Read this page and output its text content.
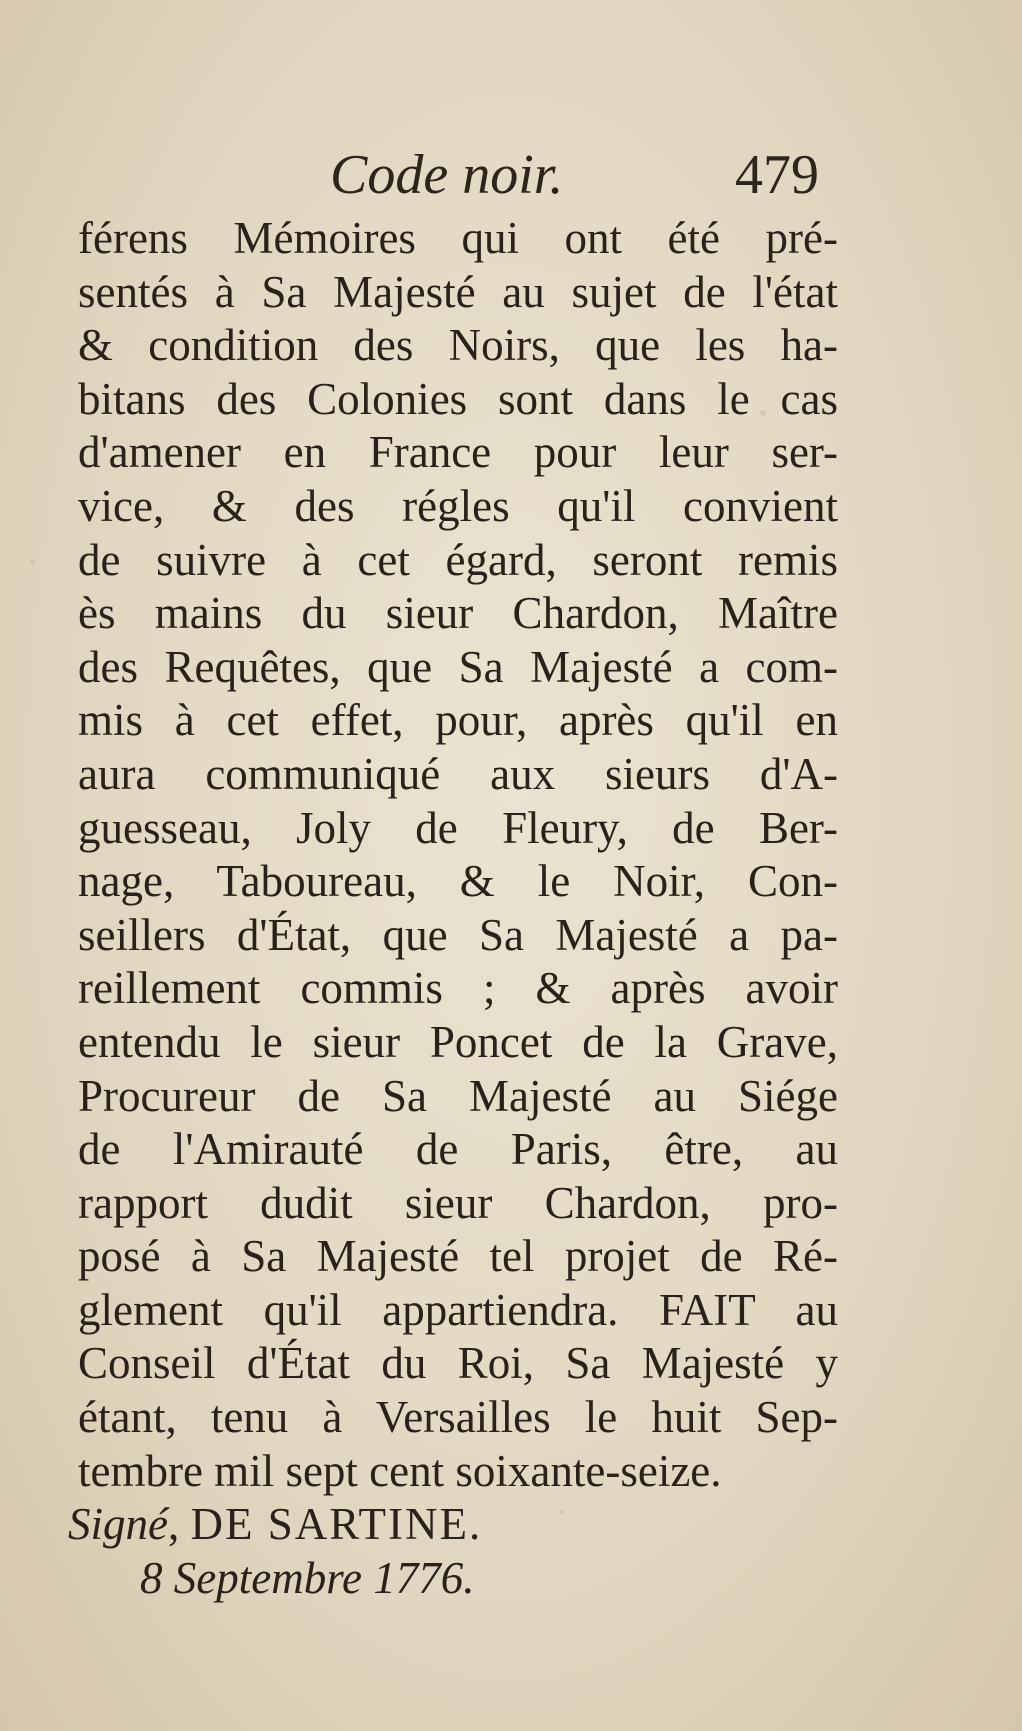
Code noir.	479
férens Mémoires qui ont été pré-
sentés à Sa Majesté au sujet de l'état
& condition des Noirs, que les ha-
bitans des Colonies sont dans le cas
d'amener en France pour leur ser-
vice, & des régles qu'il convient
de suivre à cet égard, seront remis
ès mains du sieur Chardon, Maître
des Requêtes, que Sa Majesté a com-
mis à cet effet, pour, après qu'il en
aura communiqué aux sieurs d'A-
guesseau, Joly de Fleury, de Ber-
nage, Taboureau, & le Noir, Con-
seillers d'État, que Sa Majesté a pa-
reillement commis ; & après avoir
entendu le sieur Poncet de la Grave,
Procureur de Sa Majesté au Siége
de l'Amirauté de Paris, être, au
rapport dudit sieur Chardon, pro-
posé à Sa Majesté tel projet de Ré-
glement qu'il appartiendra. FAIT au
Conseil d'État du Roi, Sa Majesté y
étant, tenu à Versailles le huit Sep-
tembre mil sept cent soixante-seize.
Signé, DE SARTINE.
8 Septembre 1776.
